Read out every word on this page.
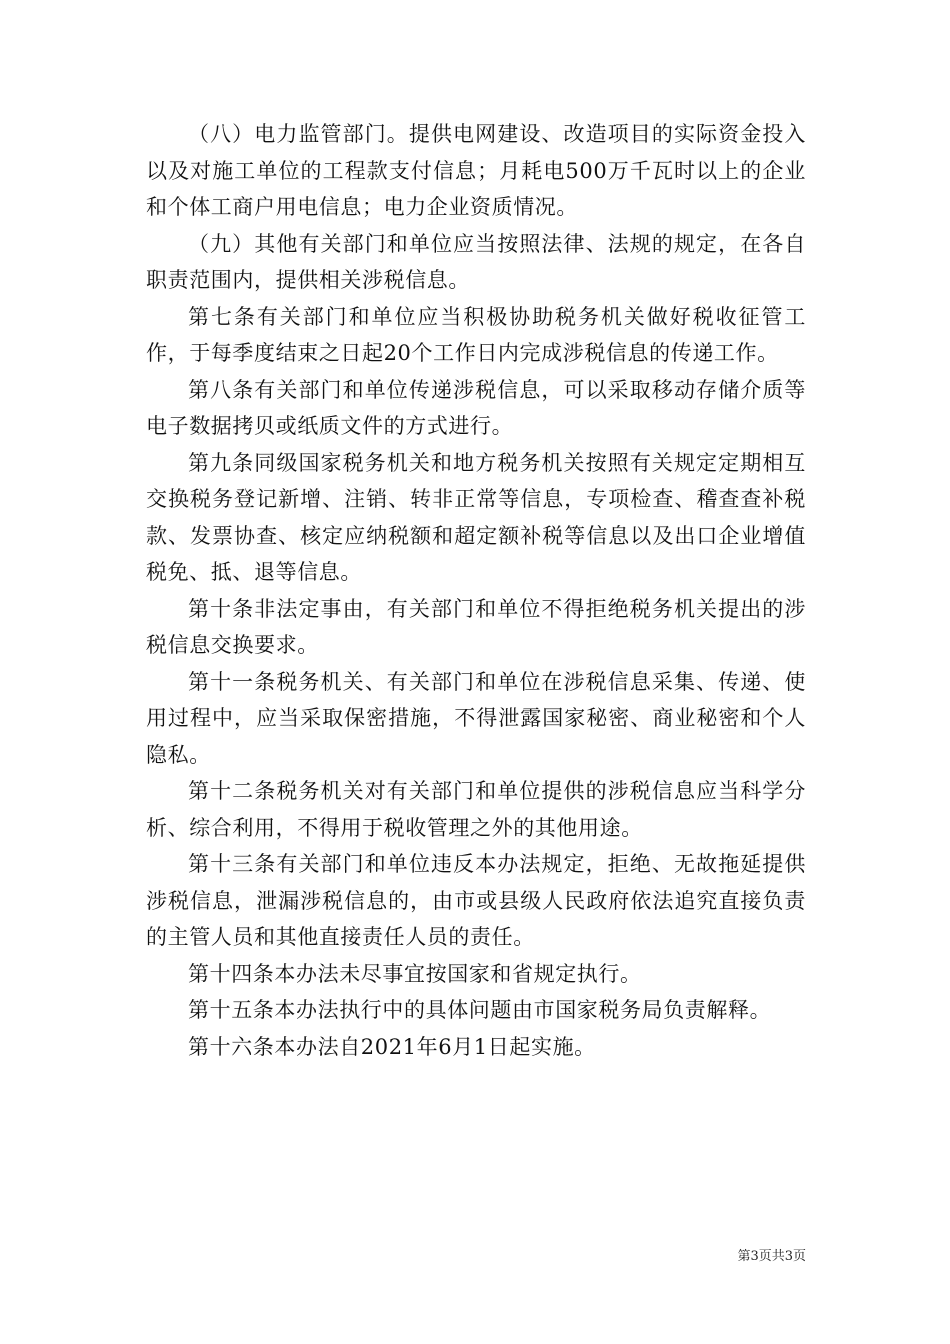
（八）电力监管部门。提供电网建设、改造项目的实际资金投入以及对施工单位的工程款支付信息；月耗电500万千瓦时以上的企业和个体工商户用电信息；电力企业资质情况。

（九）其他有关部门和单位应当按照法律、法规的规定，在各自职责范围内，提供相关涉税信息。

第七条有关部门和单位应当积极协助税务机关做好税收征管工作，于每季度结束之日起20个工作日内完成涉税信息的传递工作。

第八条有关部门和单位传递涉税信息，可以采取移动存储介质等电子数据拷贝或纸质文件的方式进行。

第九条同级国家税务机关和地方税务机关按照有关规定定期相互交换税务登记新增、注销、转非正常等信息，专项检查、稽查查补税款、发票协查、核定应纳税额和超定额补税等信息以及出口企业增值税免、抵、退等信息。

第十条非法定事由，有关部门和单位不得拒绝税务机关提出的涉税信息交换要求。

第十一条税务机关、有关部门和单位在涉税信息采集、传递、使用过程中，应当采取保密措施，不得泄露国家秘密、商业秘密和个人隐私。

第十二条税务机关对有关部门和单位提供的涉税信息应当科学分析、综合利用，不得用于税收管理之外的其他用途。

第十三条有关部门和单位违反本办法规定，拒绝、无故拖延提供涉税信息，泄漏涉税信息的，由市或县级人民政府依法追究直接负责的主管人员和其他直接责任人员的责任。

第十四条本办法未尽事宜按国家和省规定执行。

第十五条本办法执行中的具体问题由市国家税务局负责解释。

第十六条本办法自2021年6月1日起实施。

第3页共3页
